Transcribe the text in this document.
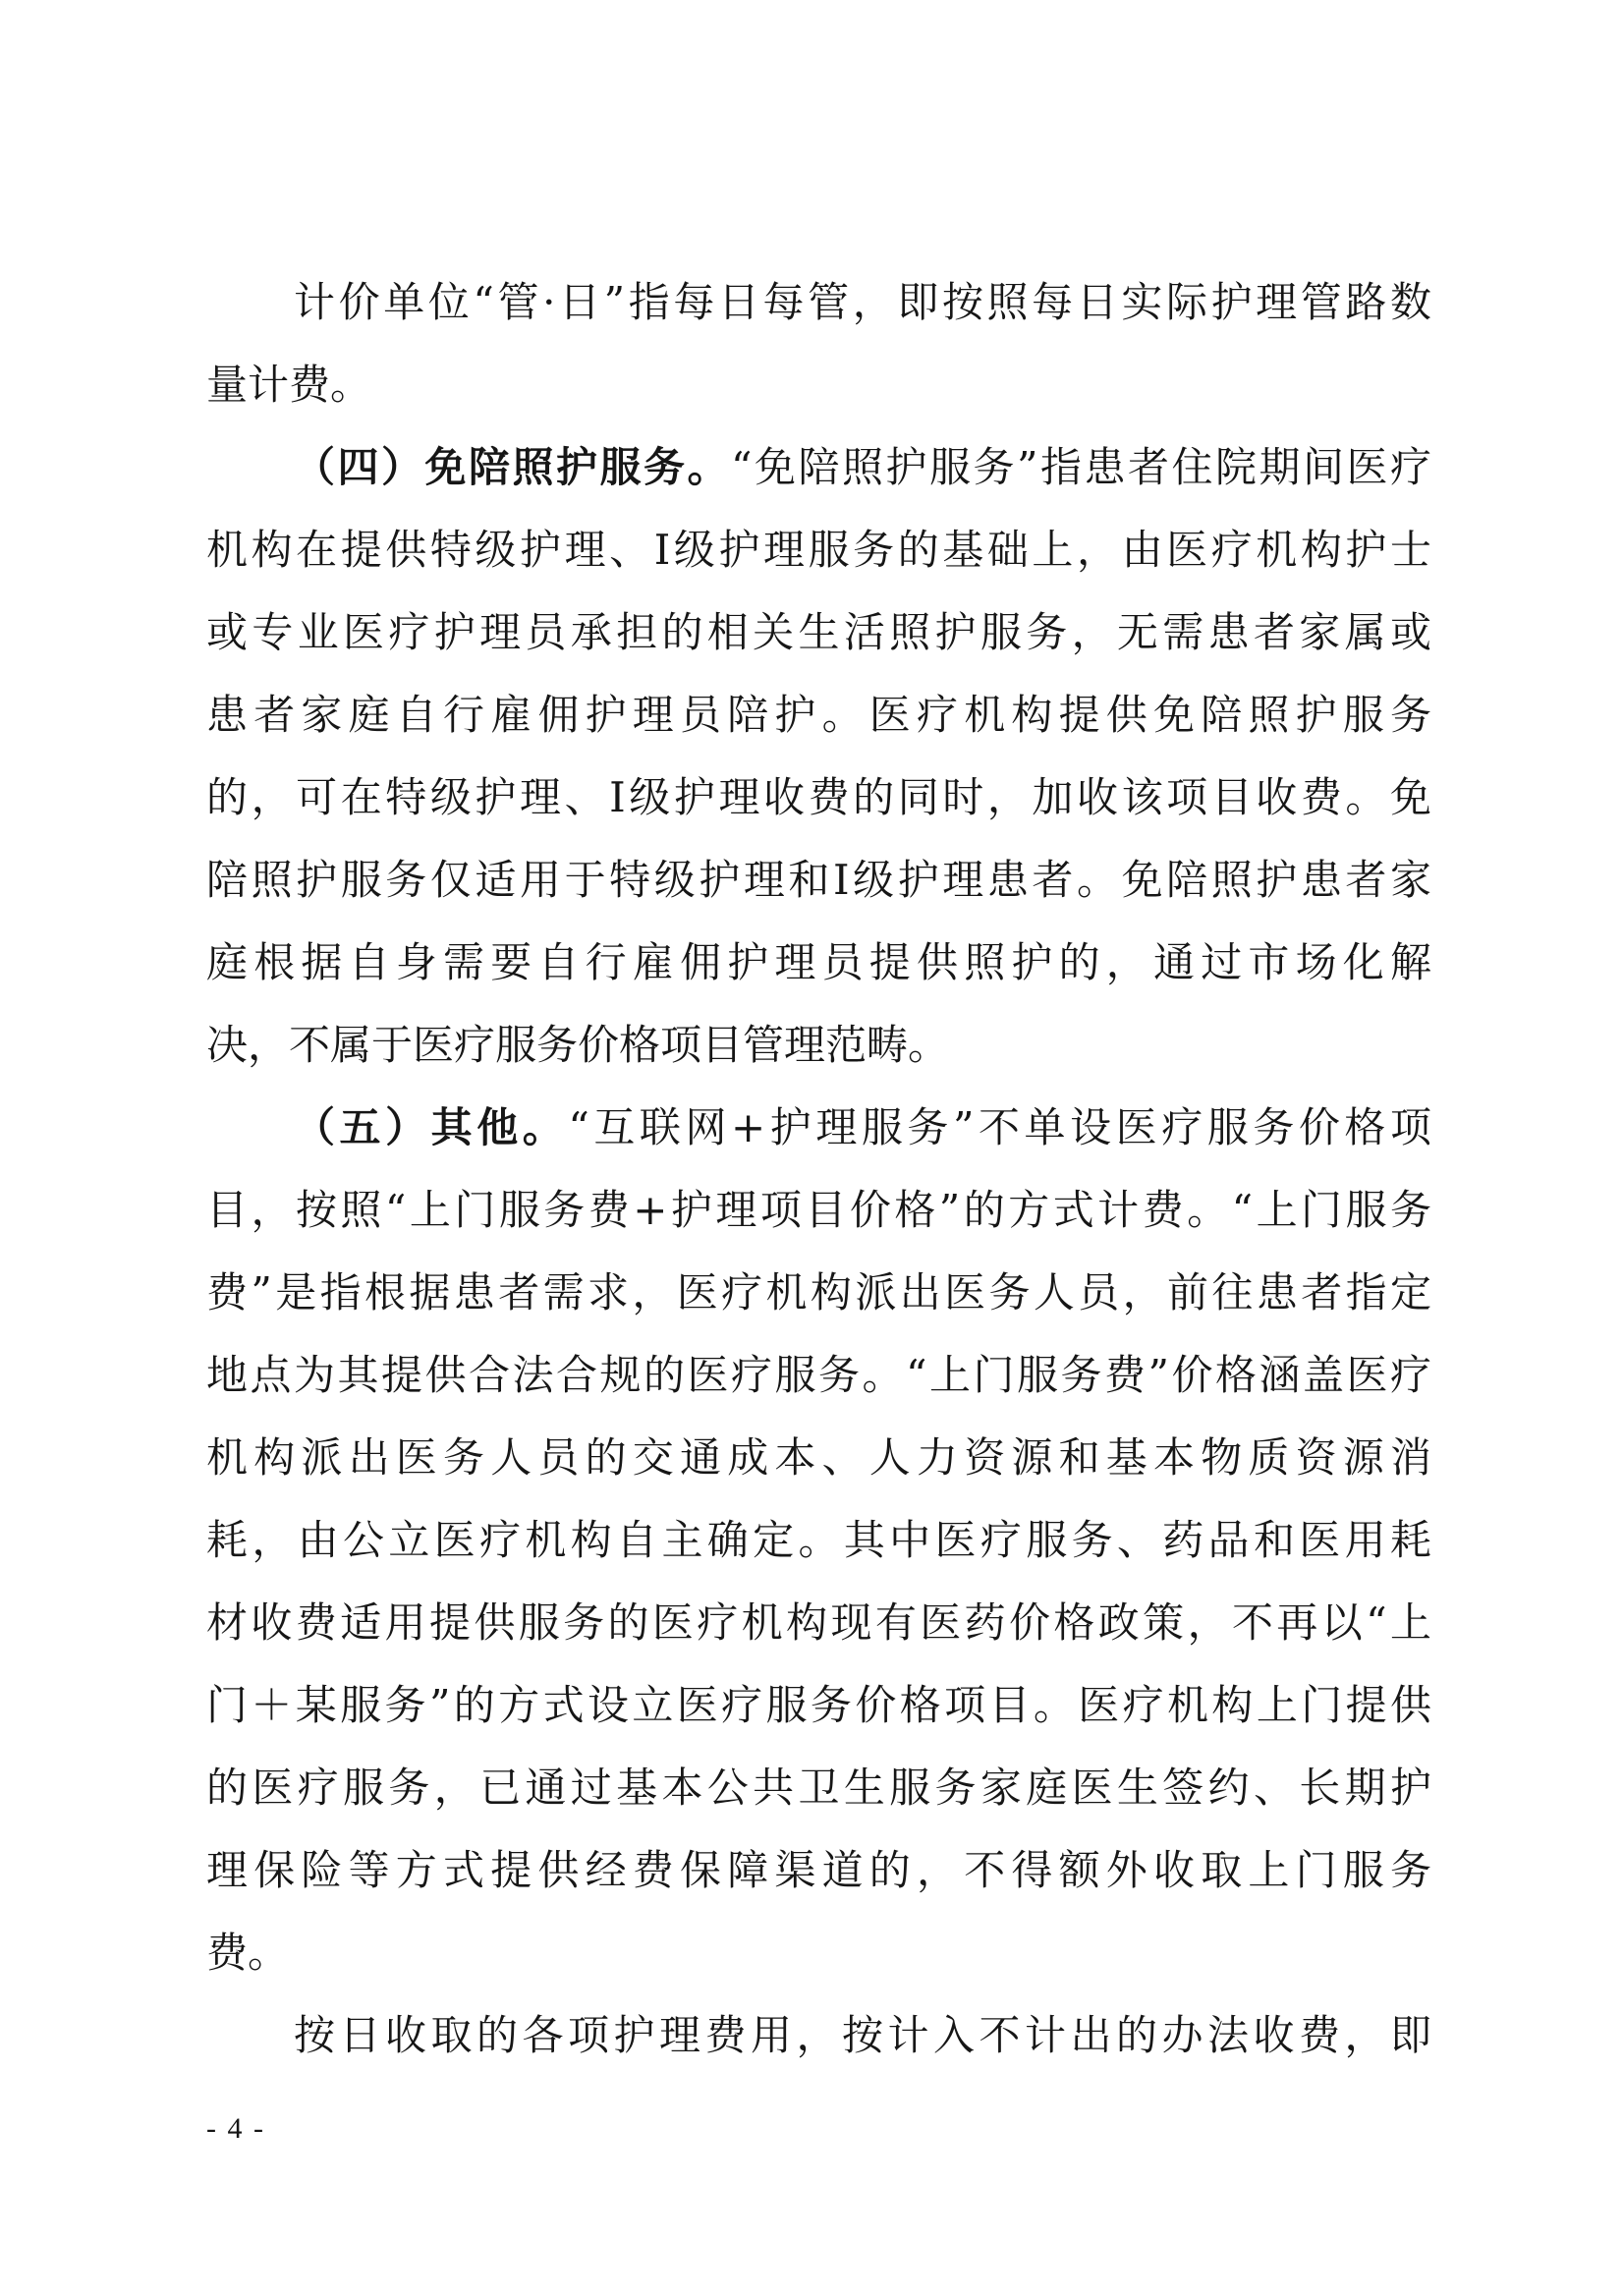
计价单位“管·日”指每日每管，即按照每日实际护理管路数
量计费。
（四）免陪照护服务。“免陪照护服务”指患者住院期间医疗
机构在提供特级护理、I级护理服务的基础上，由医疗机构护士
或专业医疗护理员承担的相关生活照护服务，无需患者家属或
患者家庭自行雇佣护理员陪护。医疗机构提供免陪照护服务
的，可在特级护理、I级护理收费的同时，加收该项目收费。免
陪照护服务仅适用于特级护理和I级护理患者。免陪照护患者家
庭根据自身需要自行雇佣护理员提供照护的，通过市场化解
决，不属于医疗服务价格项目管理范畴。
（五）其他。“互联网+护理服务”不单设医疗服务价格项
目，按照“上门服务费+护理项目价格”的方式计费。“上门服务
费”是指根据患者需求，医疗机构派出医务人员，前往患者指定
地点为其提供合法合规的医疗服务。“上门服务费”价格涵盖医疗
机构派出医务人员的交通成本、人力资源和基本物质资源消
耗，由公立医疗机构自主确定。其中医疗服务、药品和医用耗
材收费适用提供服务的医疗机构现有医药价格政策，不再以“上
门＋某服务”的方式设立医疗服务价格项目。医疗机构上门提供
的医疗服务，已通过基本公共卫生服务家庭医生签约、长期护
理保险等方式提供经费保障渠道的，不得额外收取上门服务
费。
按日收取的各项护理费用，按计入不计出的办法收费，即
- 4 -
